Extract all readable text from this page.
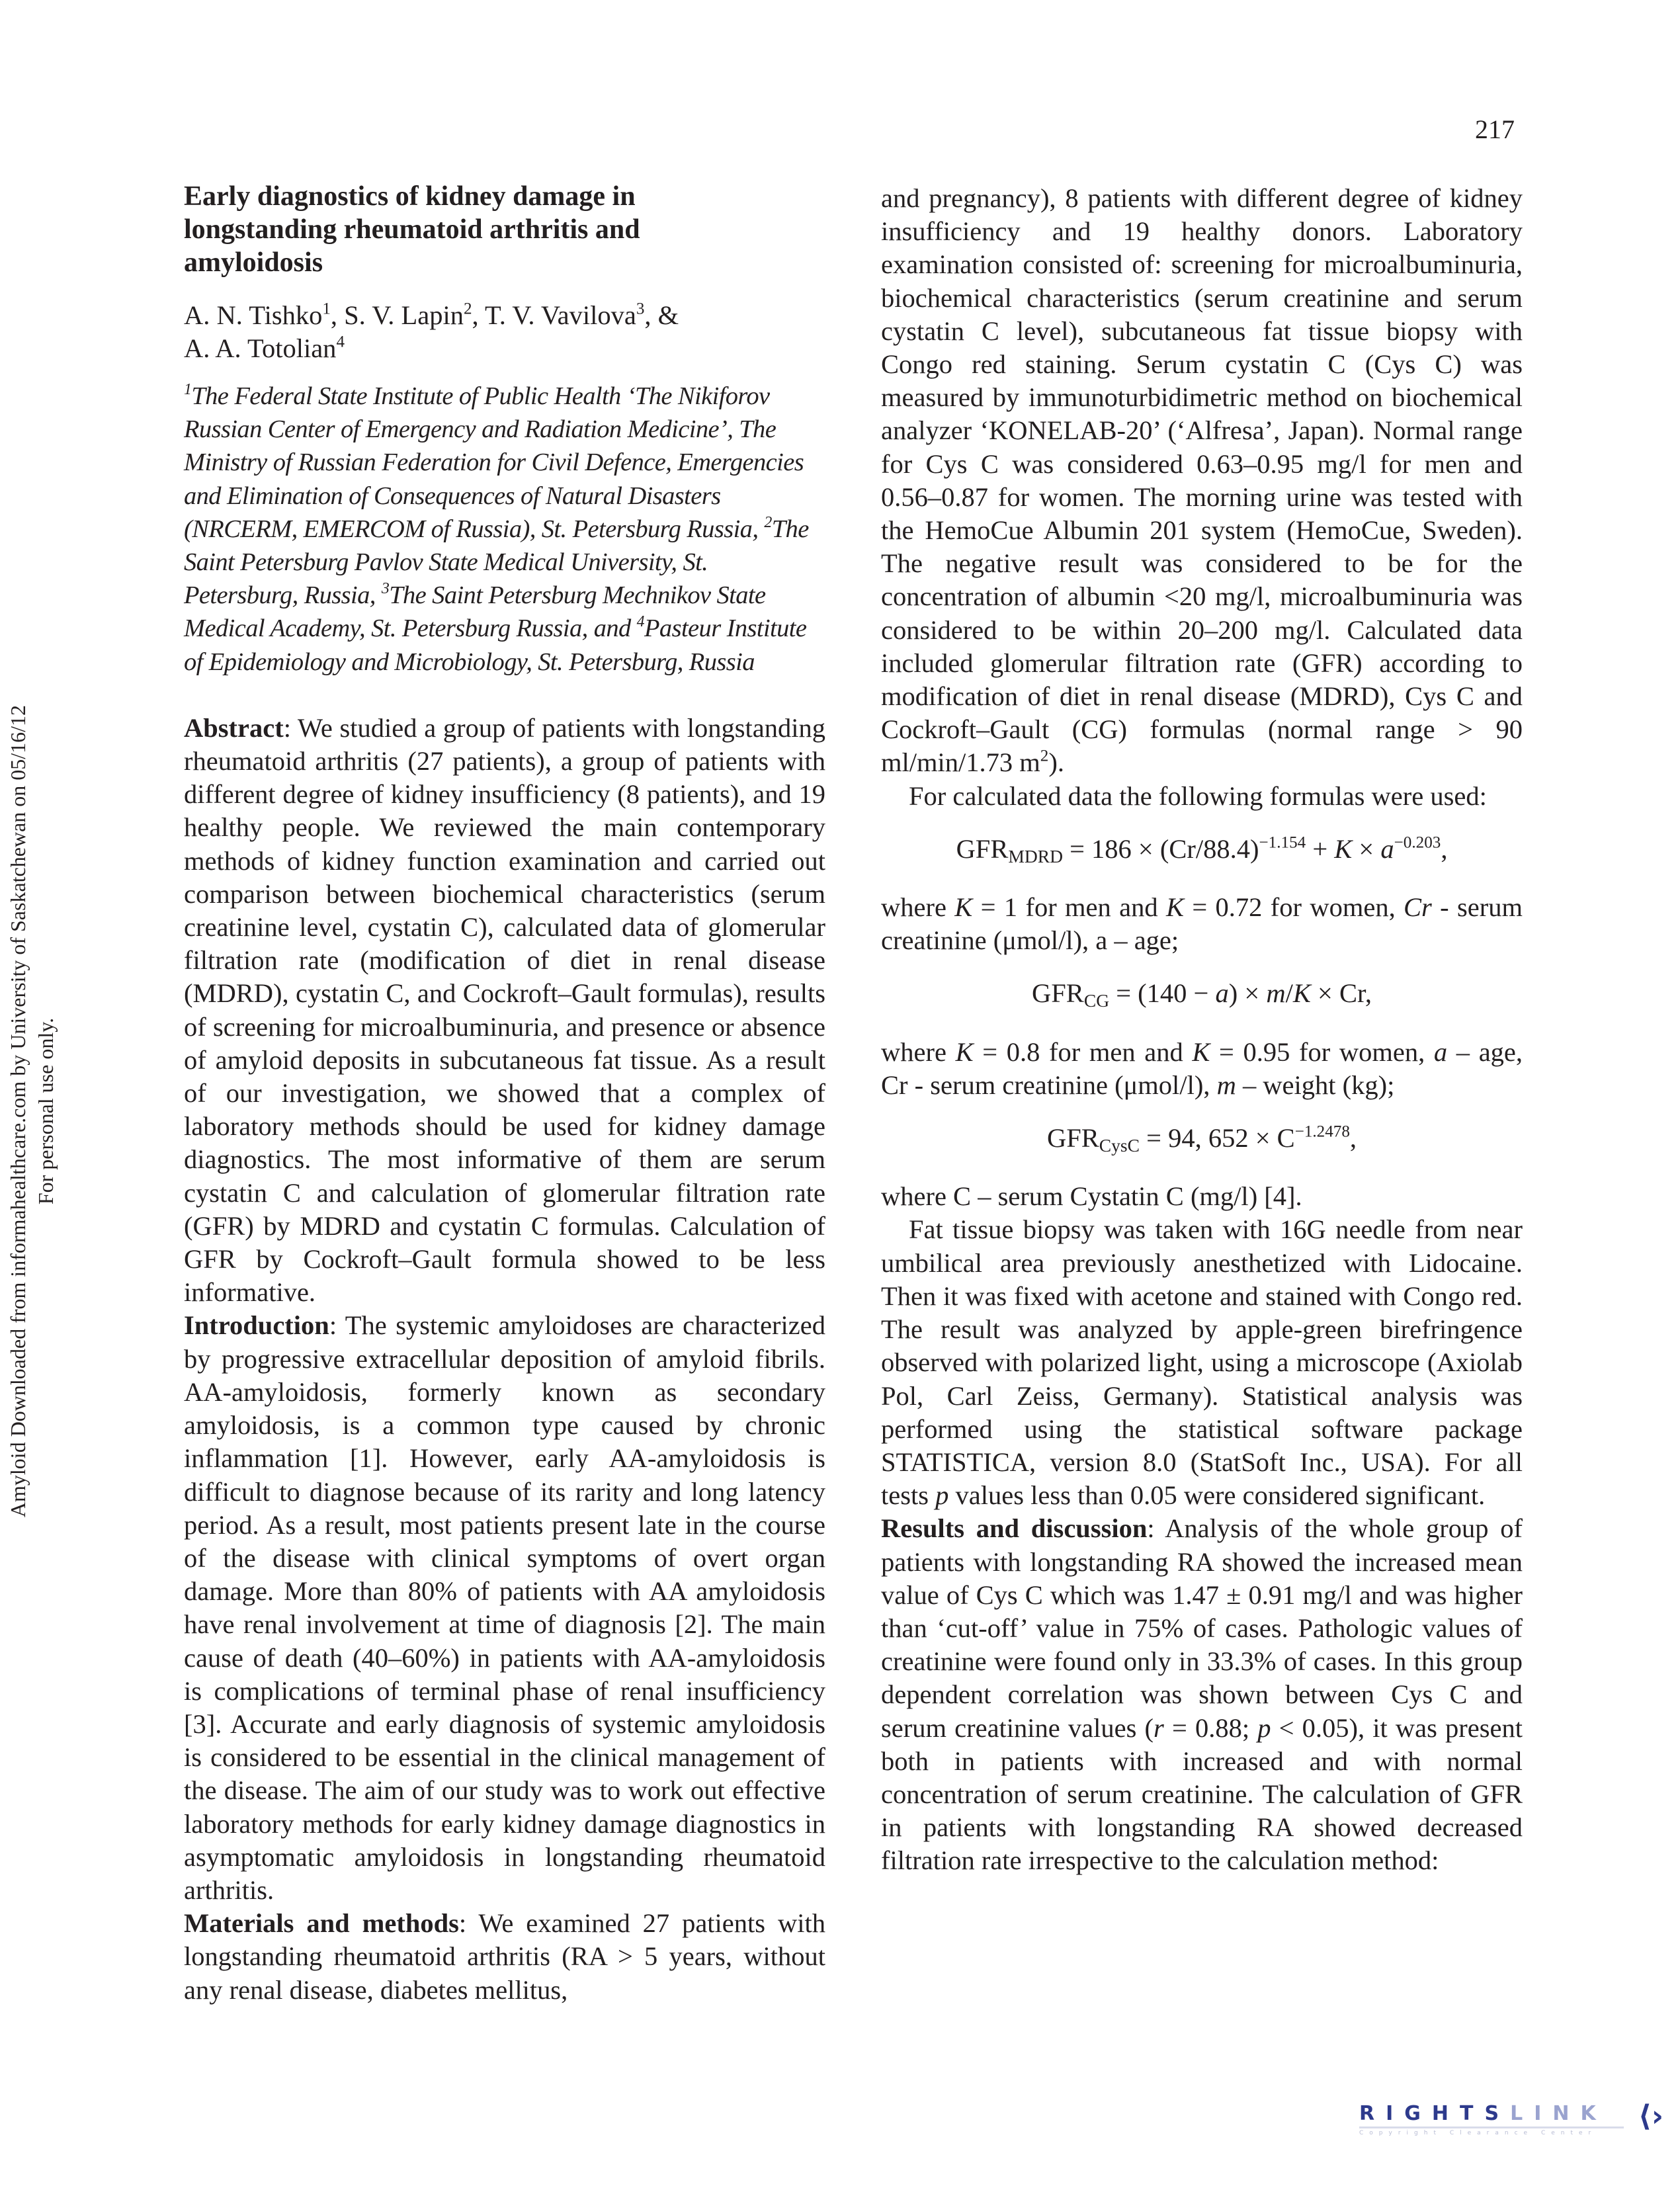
217
Amyloid Downloaded from informahealthcare.com by University of Saskatchewan on 05/16/12 For personal use only.
Early diagnostics of kidney damage in longstanding rheumatoid arthritis and amyloidosis
A. N. Tishko$^1$, S. V. Lapin$^2$, T. V. Vavilova$^3$, &
A. A. Totolian$^4$

$^1$The Federal State Institute of Public Health ‘The Nikiforov Russian Center of Emergency and Radiation Medicine’, The Ministry of Russian Federation for Civil Defence, Emergencies and Elimination of Consequences of Natural Disasters (NRCERM, EMERCOM of Russia), St. Petersburg Russia, $^2$The Saint Petersburg Pavlov State Medical University, St. Petersburg, Russia, $^3$The Saint Petersburg Mechnikov State Medical Academy, St. Petersburg Russia, and $^4$Pasteur Institute of Epidemiology and Microbiology, St. Petersburg, Russia

Abstract: We studied a group of patients with longstanding rheumatoid arthritis (27 patients), a group of patients with different degree of kidney insufficiency (8 patients), and 19 healthy people. We reviewed the main contemporary methods of kidney function examination and carried out comparison between biochemical characteristics (serum creatinine level, cystatin C), calculated data of glomerular filtration rate (modification of diet in renal disease (MDRD), cystatin C, and Cockroft–Gault formulas), results of screening for microalbuminuria, and presence or absence of amyloid deposits in subcutaneous fat tissue. As a result of our investigation, we showed that a complex of laboratory methods should be used for kidney damage diagnostics. The most informative of them are serum cystatin C and calculation of glomerular filtration rate (GFR) by MDRD and cystatin C formulas. Calculation of GFR by Cockroft–Gault formula showed to be less informative.

Introduction: The systemic amyloidoses are characterized by progressive extracellular deposition of amyloid fibrils. AA-amyloidosis, formerly known as secondary amyloidosis, is a common type caused by chronic inflammation [1]. However, early AA-amyloidosis is difficult to diagnose because of its rarity and long latency period. As a result, most patients present late in the course of the disease with clinical symptoms of overt organ damage. More than 80% of patients with AA amyloidosis have renal involvement at time of diagnosis [2]. The main cause of death (40–60%) in patients with AA-amyloidosis is complications of terminal phase of renal insufficiency [3]. Accurate and early diagnosis of systemic amyloidosis is considered to be essential in the clinical management of the disease. The aim of our study was to work out effective laboratory methods for early kidney damage diagnostics in asymptomatic amyloidosis in longstanding rheumatoid arthritis.

Materials and methods: We examined 27 patients with longstanding rheumatoid arthritis (RA > 5 years, without any renal disease, diabetes mellitus,

and pregnancy), 8 patients with different degree of kidney insufficiency and 19 healthy donors. Laboratory examination consisted of: screening for microalbuminuria, biochemical characteristics (serum creatinine and serum cystatin C level), subcutaneous fat tissue biopsy with Congo red staining. Serum cystatin C (Cys C) was measured by immunoturbidimetric method on biochemical analyzer ‘KONELAB-20’ (‘Alfresa’, Japan). Normal range for Cys C was considered 0.63–0.95 mg/l for men and 0.56–0.87 for women. The morning urine was tested with the HemoCue Albumin 201 system (HemoCue, Sweden). The negative result was considered to be for the concentration of albumin <20 mg/l, microalbuminuria was considered to be within 20–200 mg/l. Calculated data included glomerular filtration rate (GFR) according to modification of diet in renal disease (MDRD), Cys C and Cockroft–Gault (CG) formulas (normal range > 90 ml/min/1.73 $m^2$).

For calculated data the following formulas were used:

$GFR_{MDRD} = 186 \times (Cr/88.4)^{-1.154} + K \times a^{-0.203}$,

where K = 1 for men and K = 0.72 for women, Cr - serum creatinine (μmol/l), a – age;

$GFR_{CG} = (140 - a) \times m/K \times Cr$,

where K = 0.8 for men and K = 0.95 for women, a – age, Cr - serum creatinine (μmol/l), m – weight (kg);

$GFR_{CysC} = 94$, $652 \times C^{-1.2478}$,

where C – serum Cystatin C (mg/l) [4].

Fat tissue biopsy was taken with 16G needle from near umbilical area previously anesthetized with Lidocaine. Then it was fixed with acetone and stained with Congo red. The result was analyzed by apple-green birefringence observed with polarized light, using a microscope (Axiolab Pol, Carl Zeiss, Germany). Statistical analysis was performed using the statistical software package STATISTICA, version 8.0 (StatSoft Inc., USA). For all tests p values less than 0.05 were considered significant.

Results and discussion: Analysis of the whole group of patients with longstanding RA showed the increased mean value of Cys C which was 1.47 ± 0.91 mg/l and was higher than ‘cut-off’ value in 75% of cases. Pathologic values of creatinine were found only in 33.3% of cases. In this group dependent correlation was shown between Cys C and serum creatinine values (r = 0.88; p < 0.05), it was present both in patients with increased and with normal concentration of serum creatinine. The calculation of GFR in patients with longstanding RA showed decreased filtration rate irrespective to the calculation method:

RIGHTSLINK
Copyright Clearance Center	⟨›
